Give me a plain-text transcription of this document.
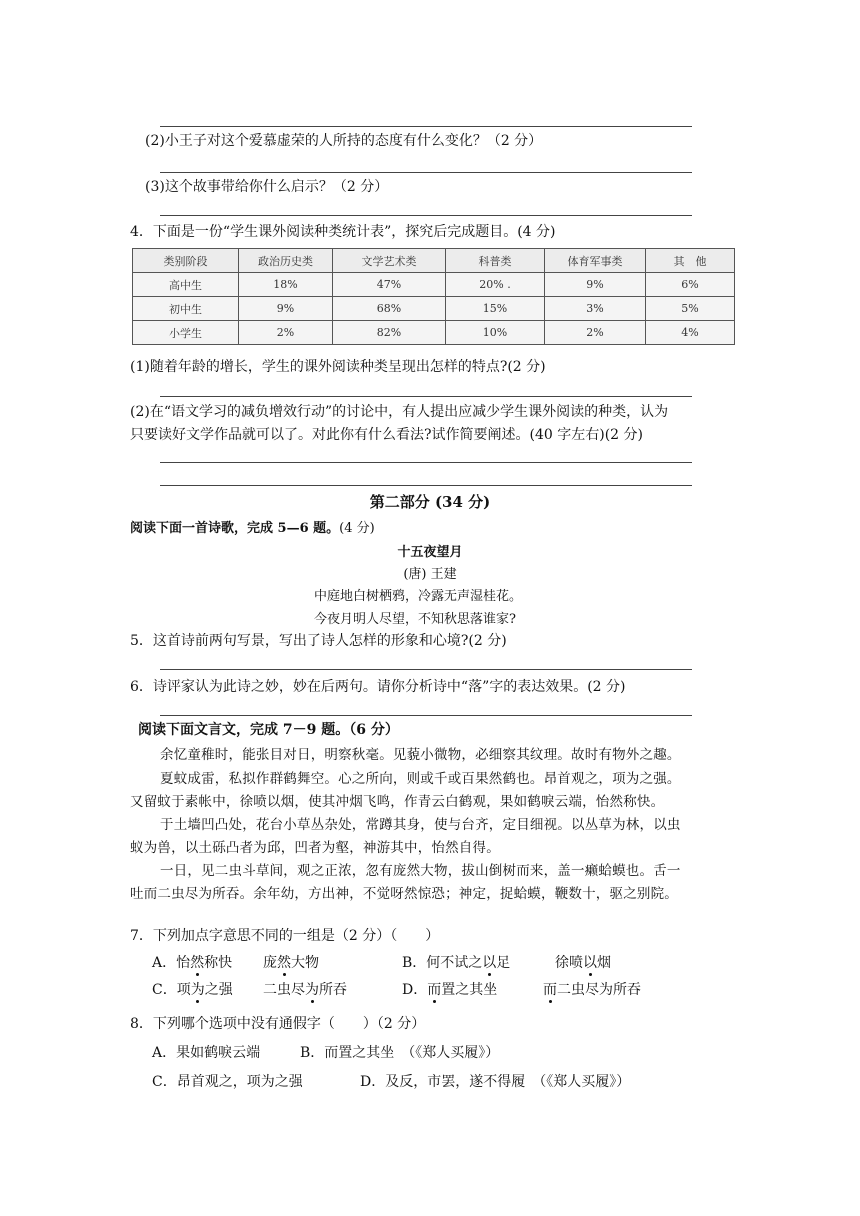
(2)小王子对这个爱慕虚荣的人所持的态度有什么变化？（2 分）
(3)这个故事带给你什么启示？（2 分）
4．下面是一份“学生课外阅读种类统计表”，探究后完成题目。(4 分)
类别阶段	政治历史类	文学艺术类	科普类	体育军事类	其　他
高中生	18%	47%	20% .	9%	6%
初中生	9%	68%	15%	3%	5%
小学生	2%	82%	10%	2%	4%
(1)随着年龄的增长，学生的课外阅读种类呈现出怎样的特点?(2 分)
(2)在“语文学习的减负增效行动”的讨论中，有人提出应减少学生课外阅读的种类，认为
只要读好文学作品就可以了。对此你有什么看法?试作简要阐述。(40 字左右)(2 分)
第二部分 (34 分)
阅读下面一首诗歌，完成 5—6 题。(4 分)
十五夜望月
(唐) 王建
中庭地白树栖鸦，冷露无声湿桂花。
今夜月明人尽望，不知秋思落谁家?
5．这首诗前两句写景，写出了诗人怎样的形象和心境?(2 分)
6．诗评家认为此诗之妙，妙在后两句。请你分析诗中“落”字的表达效果。(2 分)
阅读下面文言文，完成 7－9 题。（6 分）
余忆童稚时，能张目对日，明察秋毫。见藐小微物，必细察其纹理。故时有物外之趣。
夏蚊成雷，私拟作群鹤舞空。心之所向，则或千或百果然鹤也。昂首观之，项为之强。
又留蚊于素帐中，徐喷以烟，使其冲烟飞鸣，作青云白鹤观，果如鹤唳云端，怡然称快。
于土墙凹凸处，花台小草丛杂处，常蹲其身，使与台齐，定目细视。以丛草为林，以虫
蚁为兽，以土砾凸者为邱，凹者为壑，神游其中，怡然自得。
一日，见二虫斗草间，观之正浓，忽有庞然大物，拔山倒树而来，盖一癞蛤蟆也。舌一
吐而二虫尽为所吞。余年幼，方出神，不觉呀然惊恐；神定，捉蛤蟆，鞭数十，驱之别院。
7．下列加点字意思不同的一组是（2 分）（　　）
A．怡然称快 庞然大物	B．何不试之以足	徐喷以烟
C．项为之强 二虫尽为所吞	D．而置之其坐	而二虫尽为所吞
8．下列哪个选项中没有通假字（　　）（2 分）
A．果如鹤唳云端	B．而置之其坐　（《郑人买履》）
C．昂首观之，项为之强	D．及反，市罢，遂不得履　（《郑人买履》）
